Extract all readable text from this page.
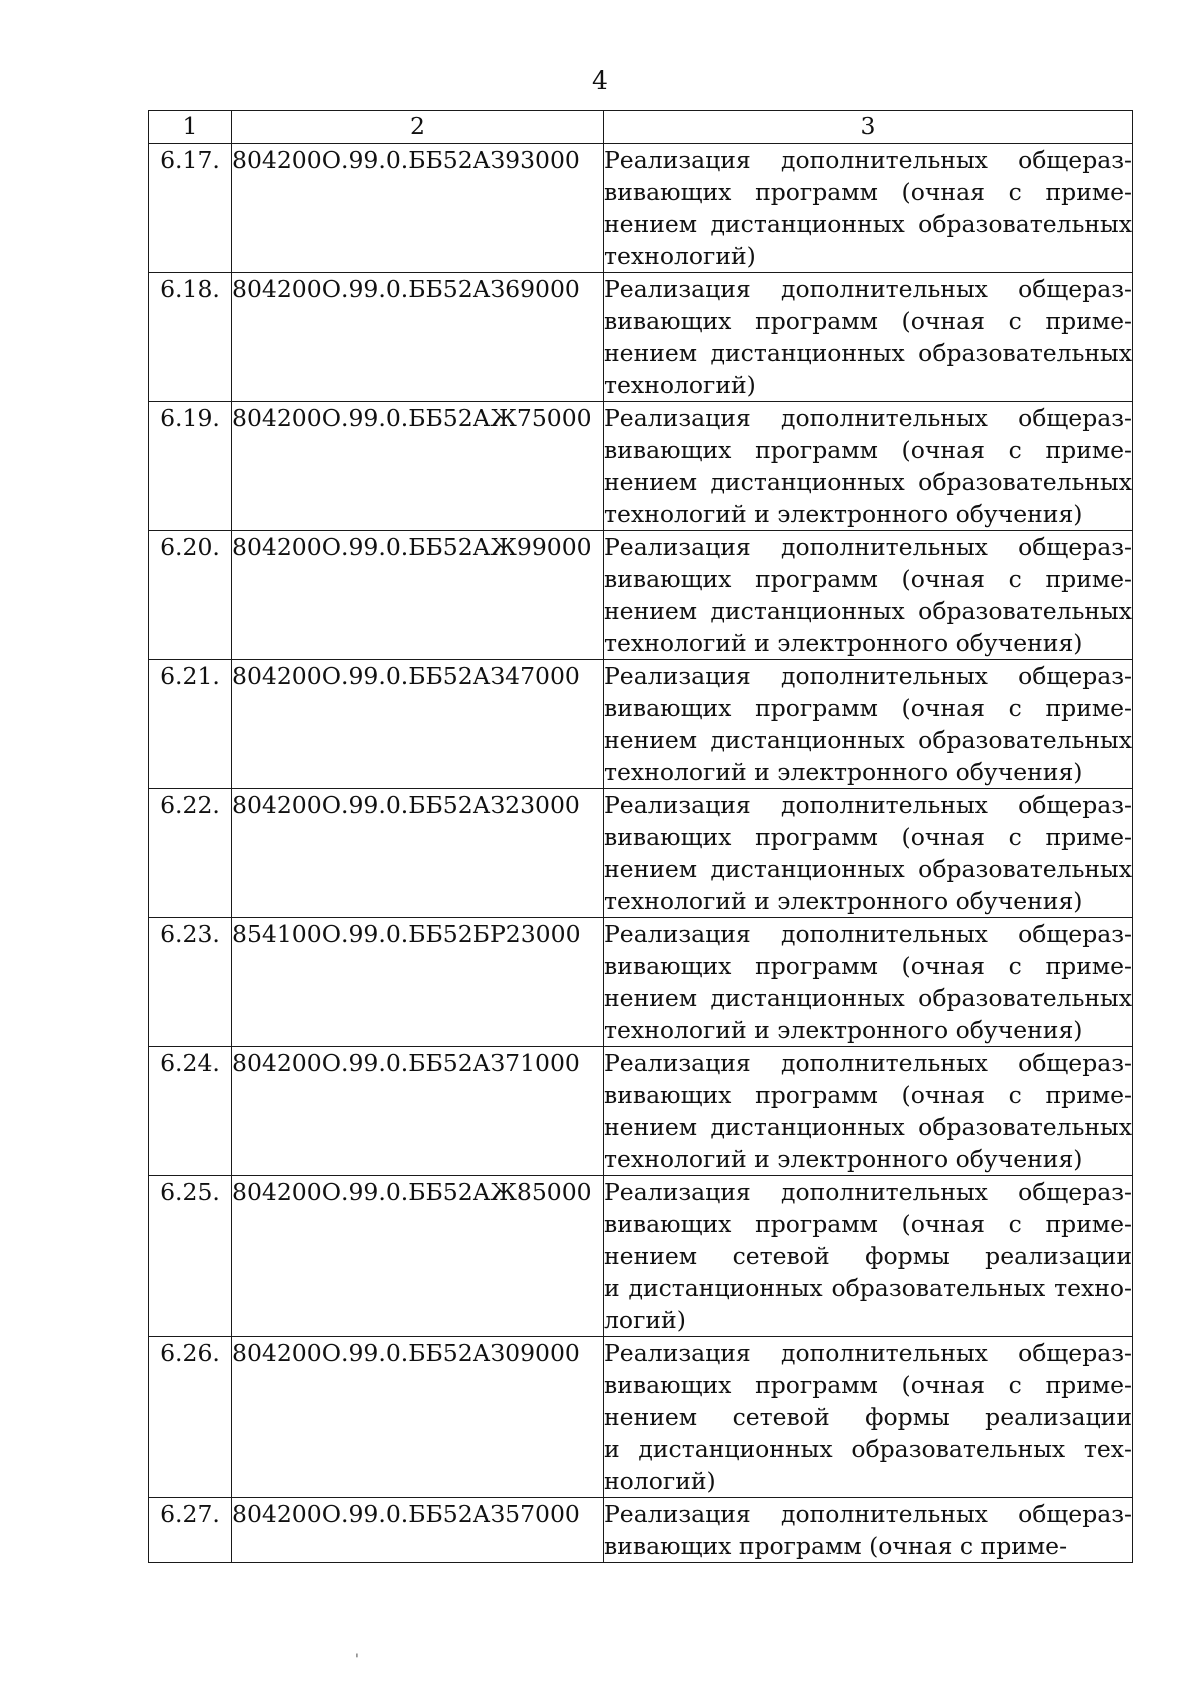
4
1	2	3
6.17.	804200О.99.0.ББ52АЗ93000	Реализация дополнительных общераз-
вивающих программ (очная с приме-
нением дистанционных образовательных
технологий)

6.18.	804200О.99.0.ББ52АЗ69000	Реализация дополнительных общераз-
вивающих программ (очная с приме-
нением дистанционных образовательных
технологий)

6.19.	804200О.99.0.ББ52АЖ75000	Реализация дополнительных общераз-
вивающих программ (очная с приме-
нением дистанционных образовательных
технологий и электронного обучения)

6.20.	804200О.99.0.ББ52АЖ99000	Реализация дополнительных общераз-
вивающих программ (очная с приме-
нением дистанционных образовательных
технологий и электронного обучения)

6.21.	804200О.99.0.ББ52АЗ47000	Реализация дополнительных общераз-
вивающих программ (очная с приме-
нением дистанционных образовательных
технологий и электронного обучения)

6.22.	804200О.99.0.ББ52АЗ23000	Реализация дополнительных общераз-
вивающих программ (очная с приме-
нением дистанционных образовательных
технологий и электронного обучения)

6.23.	854100О.99.0.ББ52БР23000	Реализация дополнительных общераз-
вивающих программ (очная с приме-
нением дистанционных образовательных
технологий и электронного обучения)

6.24.	804200О.99.0.ББ52АЗ71000	Реализация дополнительных общераз-
вивающих программ (очная с приме-
нением дистанционных образовательных
технологий и электронного обучения)

6.25.	804200О.99.0.ББ52АЖ85000	Реализация дополнительных общераз-
вивающих программ (очная с приме-
нением сетевой формы реализации
и дистанционных образовательных техно-
логий)

6.26.	804200О.99.0.ББ52АЗ09000	Реализация дополнительных общераз-
вивающих программ (очная с приме-
нением сетевой формы реализации
и дистанционных образовательных тех-
нологий)

6.27.	804200О.99.0.ББ52АЗ57000	Реализация дополнительных общераз-
вивающих программ (очная с приме-
'
